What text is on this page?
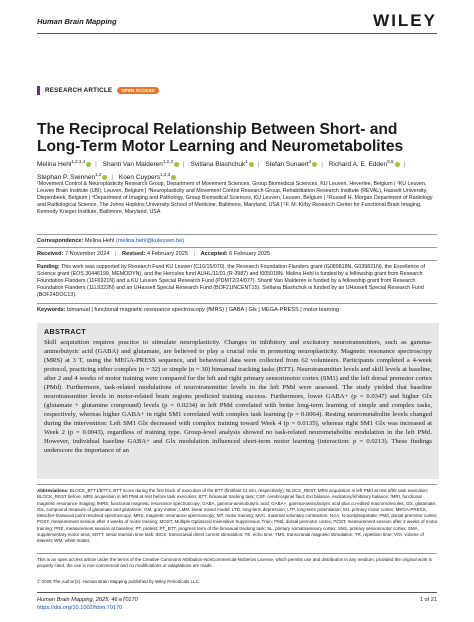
Human Brain Mapping	WILEY
RESEARCH ARTICLE	OPEN ACCESS
The Reciprocal Relationship Between Short- and Long-Term Motor Learning and Neurometabolites
Melina Hehl$^{1,2,3,4}$ | Shanti Van Malderen$^{1,2,3}$ | Svitlana Blashchuk$^1$ | Stefan Sunaert$^4$ | Richard A. E. Edden$^{5,6}$ |
Stephan P. Swinnen$^{1,2}$ | Koen Cuypers$^{1,2,3}$

¹Movement Control & Neuroplasticity Research Group, Department of Movement Sciences, Group Biomedical Sciences, KU Leuven, Heverlee, Belgium | ²KU Leuven, Leuven Brain Institute (LBI), Leuven, Belgium | ³Neuroplasticity and Movement Control Research Group, Rehabilitation Research Institute (REVAL), Hasselt University, Diepenbeek, Belgium | ⁴Department of Imaging and Pathology, Group Biomedical Sciences, KU Leuven, Leuven, Belgium | ⁵Russell H. Morgan Department of Radiology and Radiological Science, The Johns Hopkins University School of Medicine, Baltimore, Maryland, USA | ⁶F. M. Kirby Research Center for Functional Brain Imaging, Kennedy Krieger Institute, Baltimore, Maryland, USA

Correspondence: Melina Hehl (melina.hehl@kuleuven.be)
Received: 7 November 2024 | Revised: 4 February 2025 | Accepted: 6 February 2025
Funding: This work was supported by Research Fund KU Leuven (C16/15/070), the Research Foundation Flanders grant (G089818N, G039821N), the Excellence of Science grant (EOS 30446199, MEMODYN), and the Hercules fund AUHL/11/01 (R-3987) and I005018N. Melina Hehl is funded by a fellowship grant from Research Foundation Flanders (11F6921N) and a KU Leuven Special Research Fund (PDMT2/24/077). Shanti Van Malderen is funded by a fellowship grant from Research Foundation Flanders (11L9322N) and an UHasselt Special Research Fund (BOF21INCENT15). Svitlana Blashchuk is funded by an UHasselt Special Research Fund (BOF24DOC13).
Keywords: bimanual | functional magnetic resonance spectroscopy (fMRS) | GABA | Glx | MEGA-PRESS | motor learning
ABSTRACT
Skill acquisition requires practice to stimulate neuroplasticity. Changes in inhibitory and excitatory neurotransmitters, such as gamma-aminobutyric acid (GABA) and glutamate, are believed to play a crucial role in promoting neuroplasticity. Magnetic resonance spectroscopy (MRS) at 3 T, using the MEGA-PRESS sequence, and behavioral data were collected from 62 volunteers. Participants completed a 4-week protocol, practicing either complex (n = 32) or simple (n = 30) bimanual tracking tasks (BTT). Neurotransmitter levels and skill levels at baseline, after 2 and 4 weeks of motor training were compared for the left and right primary sensorimotor cortex (SM1) and the left dorsal premotor cortex (PMd). Furthermore, task-related modulations of neurotransmitter levels in the left PMd were assessed. The study yielded that baseline neurotransmitter levels in motor-related brain regions predicted training success. Furthermore, lower GABA+ (p = 0.0347) and higher Glx (glutamate + glutamine compound) levels (p = 0.0234) in left PMd correlated with better long-term learning of simple and complex tasks, respectively, whereas higher GABA+ in right SM1 correlated with complex task learning (p = 0.0064). Resting neurometabolite levels changed during the intervention: Left SM1 Glx decreased with complex training toward Week 4 (p = 0.0135), whereas right SM1 Glx was increased at Week 2 (p = 0.0043), regardless of training type. Group-level analysis showed no task-related neurometabolite modulation in the left PMd. However, individual baseline GABA+ and Glx modulation influenced short-term motor learning (interaction: p = 0.0213). These findings underscore the importance of an
Abbreviations: BLOCK_BTT1/BTT2, BTT score during the first block of execution of the BTT (first/last 11 min, respectively); BLOCK_REST, MRS acquisition in left PMd at rest after task execution; BLOCK_REST before, MRS acquisition in left PMd at rest before task execution; BTT, bimanual tracking task; CSF, cerebrospinal fluid; ExI balance, excitatory/inhibitory balance; fMRI, functional magnetic resonance imaging; fMRS, functional magnetic resonance spectroscopy; GABA, gamma-aminobutyric acid; GABA+, gamma-aminobutyric acid plus co-edited macromolecules; Glx, glutamate; Glx, compound measure of glutamate and glutamine; GM, gray matter; LMM, linear mixed model; LTD, long-term depression; LTP, long-term potentiation; M1, primary motor cortex; MEGA-PRESS, Mescher-Garwood point resolved spectroscopy; MRS, magnetic resonance spectroscopy; MT, motor training; MVC, maximal voluntary contraction; NAA, N-acetylaspartate; PMd, dorsal premotor cortex; POST, measurement session after 4 weeks of motor training; MOST, Multiple Optimized Insensitive Suppression Train; PMd, dorsal premotor cortex; POST, measurement session after 2 weeks of motor training; PRE, measurement session at baseline; PT, pretest; PT_BTT, progress term of the bimanual tracking task; SL, primary somatosensory cortex; SM1, primary sensorimotor cortex; SMA, supplementary motor area; SRTT, serial reaction time task; tDCS, transcranial direct current stimulation; TE, echo time; TMS, transcranial magnetic stimulation; TR, repetition time; VOI, volume of interest; WM, white matter.
This is an open access article under the terms of the Creative Commons Attribution-NonCommercial-NoDerivs License, which permits use and distribution in any medium, provided the original work is properly cited, the use is non-commercial and no modifications or adaptations are made.
© 2025 The Author(s). Human Brain Mapping published by Wiley Periodicals LLC.
Human Brain Mapping, 2025; 46:e70170
https://doi.org/10.1002/hbm.70170
1 of 21
